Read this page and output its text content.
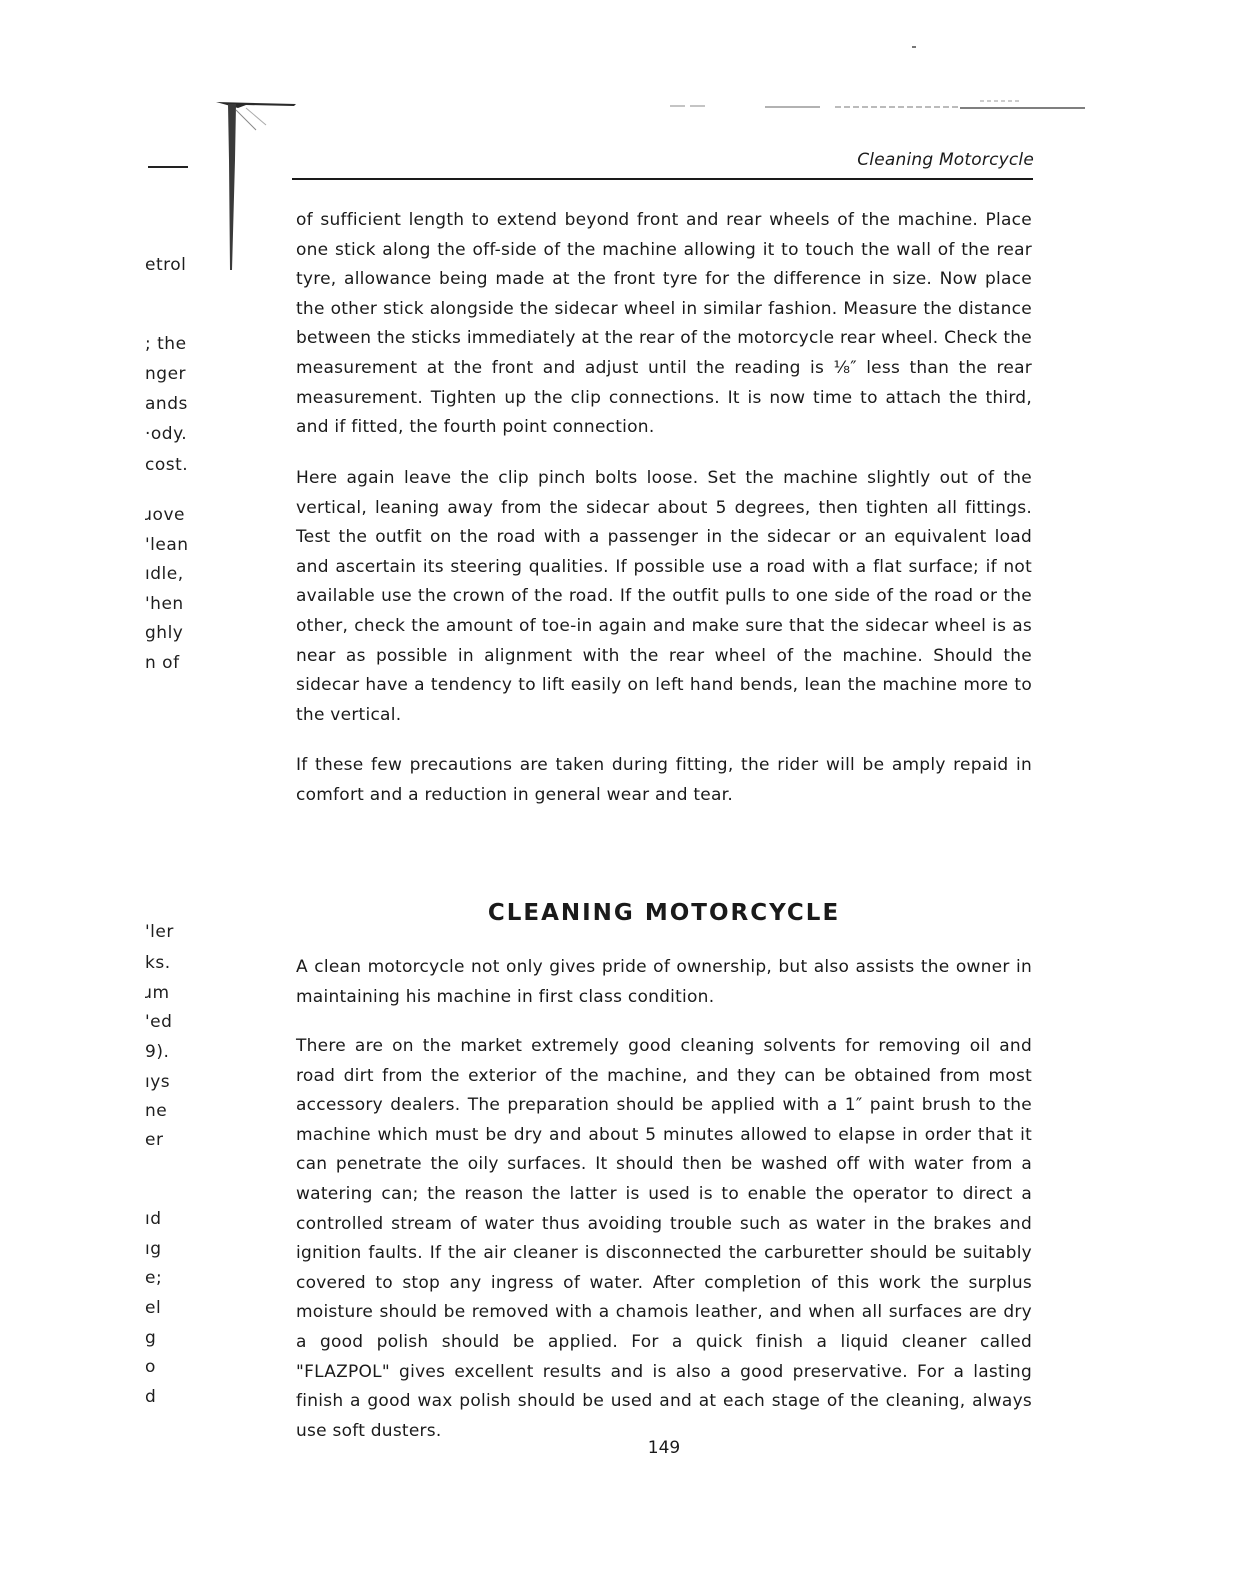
etrol
; the
nger
ands
·ody.
cost.
ɹove
'lean
ıdle,
'hen
ghly
n of
'ler
ks.
ɹm
'ed
9).
ıys
ne
er
ıd
ıg
e;
el
g
o
d
Cleaning Motorcycle

of sufficient length to extend beyond front and rear wheels of the machine. Place one stick along the off-side of the machine allowing it to touch the wall of the rear tyre, allowance being made at the front tyre for the difference in size. Now place the other stick alongside the sidecar wheel in similar fashion. Measure the distance between the sticks immediately at the rear of the motorcycle rear wheel. Check the measurement at the front and adjust until the reading is ⅛″ less than the rear measurement. Tighten up the clip connections. It is now time to attach the third, and if fitted, the fourth point connection.

Here again leave the clip pinch bolts loose. Set the machine slightly out of the vertical, leaning away from the sidecar about 5 degrees, then tighten all fittings. Test the outfit on the road with a passenger in the sidecar or an equivalent load and ascertain its steering qualities. If possible use a road with a flat surface; if not available use the crown of the road. If the outfit pulls to one side of the road or the other, check the amount of toe-in again and make sure that the sidecar wheel is as near as possible in alignment with the rear wheel of the machine. Should the sidecar have a tendency to lift easily on left hand bends, lean the machine more to the vertical.

If these few precautions are taken during fitting, the rider will be amply repaid in comfort and a reduction in general wear and tear.

CLEANING MOTORCYCLE

A clean motorcycle not only gives pride of ownership, but also assists the owner in maintaining his machine in first class condition.

There are on the market extremely good cleaning solvents for removing oil and road dirt from the exterior of the machine, and they can be obtained from most accessory dealers. The preparation should be applied with a 1″ paint brush to the machine which must be dry and about 5 minutes allowed to elapse in order that it can penetrate the oily surfaces. It should then be washed off with water from a watering can; the reason the latter is used is to enable the operator to direct a controlled stream of water thus avoiding trouble such as water in the brakes and ignition faults. If the air cleaner is disconnected the carburetter should be suitably covered to stop any ingress of water. After completion of this work the surplus moisture should be removed with a chamois leather, and when all surfaces are dry a good polish should be applied. For a quick finish a liquid cleaner called "FLAZPOL" gives excellent results and is also a good preservative. For a lasting finish a good wax polish should be used and at each stage of the cleaning, always use soft dusters.

149
